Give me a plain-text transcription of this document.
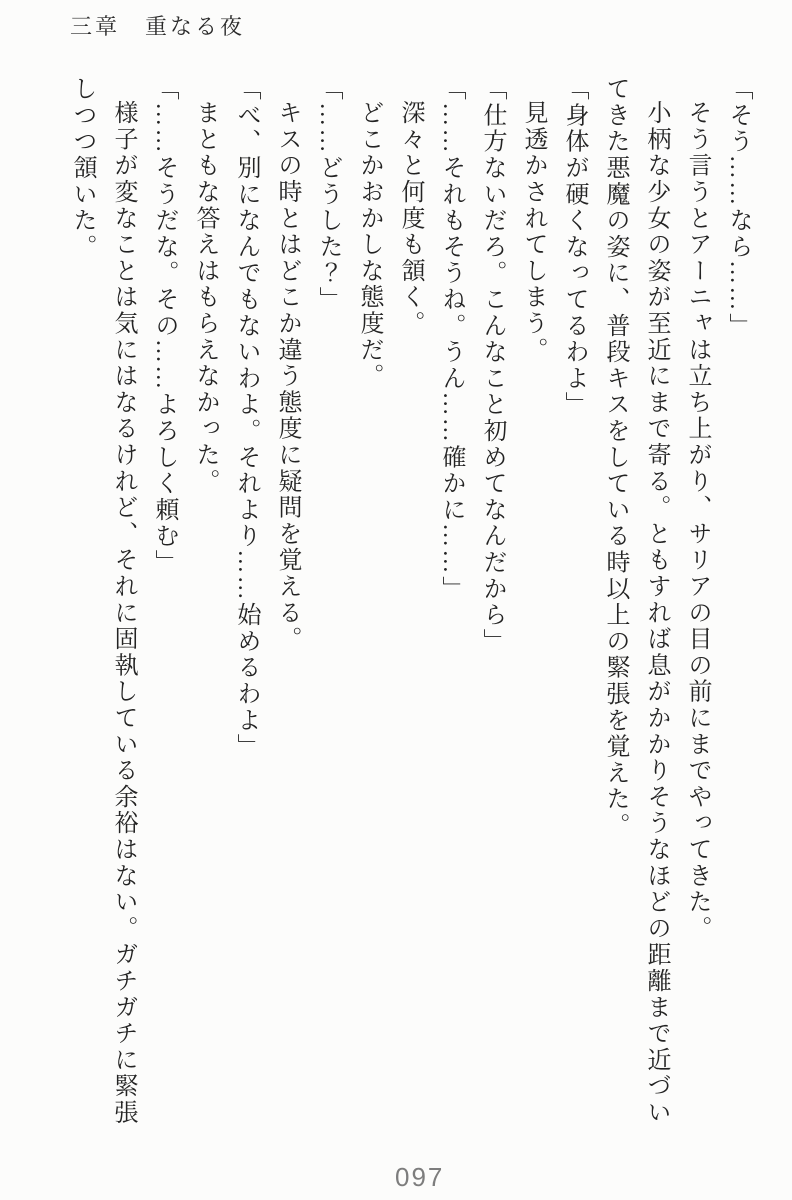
三章　重なる夜

「そう……なら……」

そう言うとアーニャは立ち上がり、サリアの目の前にまでやってきた。

小柄な少女の姿が至近にまで寄る。ともすれば息がかかりそうなほどの距離まで近づいてきた悪魔の姿に、普段キスをしている時以上の緊張を覚えた。

「身体が硬くなってるわよ」

見透かされてしまう。

「仕方ないだろ。こんなこと初めてなんだから」

「……それもそうね。うん……確かに……」

深々と何度も頷く。

どこかおかしな態度だ。

「……どうした？」

キスの時とはどこか違う態度に疑問を覚える。

「べ、別になんでもないわよ。それより……始めるわよ」

まともな答えはもらえなかった。

「……そうだな。その……よろしく頼む」

様子が変なことは気にはなるけれど、それに固執している余裕はない。ガチガチに緊張しつつ頷いた。

097
